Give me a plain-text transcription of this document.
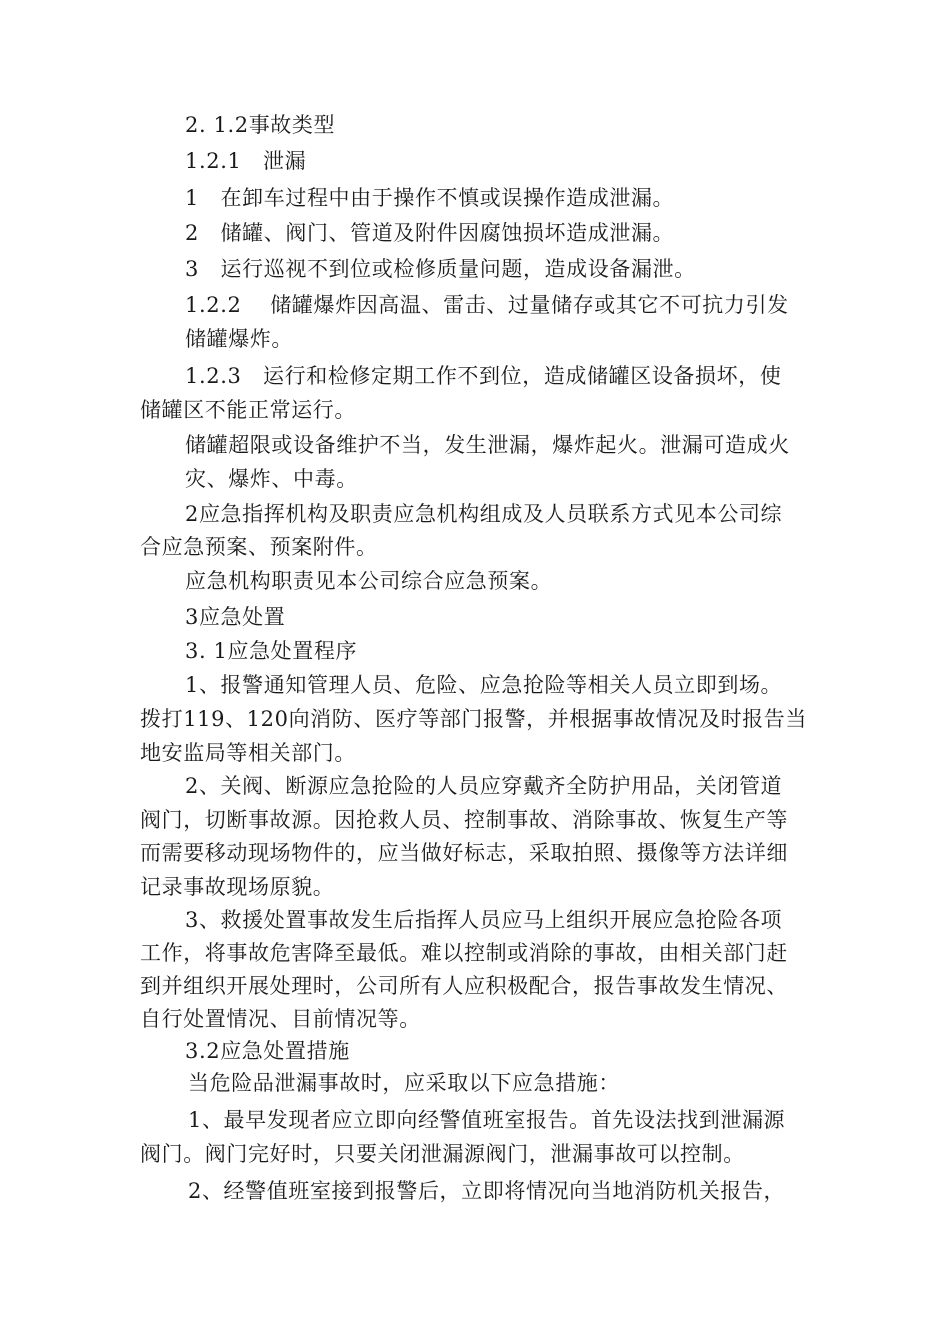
2. 1.2事故类型
1.2.1　泄漏
1　在卸车过程中由于操作不慎或误操作造成泄漏。
2　储罐、阀门、管道及附件因腐蚀损坏造成泄漏。
3　运行巡视不到位或检修质量问题，造成设备漏泄。
1.2.2　 储罐爆炸因高温、雷击、过量储存或其它不可抗力引发
储罐爆炸。
1.2.3　运行和检修定期工作不到位，造成储罐区设备损坏，使
储罐区不能正常运行。
储罐超限或设备维护不当，发生泄漏，爆炸起火。泄漏可造成火
灾、爆炸、中毒。
2应急指挥机构及职责应急机构组成及人员联系方式见本公司综
合应急预案、预案附件。
应急机构职责见本公司综合应急预案。
3应急处置
3. 1应急处置程序
1、报警通知管理人员、危险、应急抢险等相关人员立即到场。
拨打119、120向消防、医疗等部门报警，并根据事故情况及时报告当
地安监局等相关部门。
2、关阀、断源应急抢险的人员应穿戴齐全防护用品，关闭管道
阀门，切断事故源。因抢救人员、控制事故、消除事故、恢复生产等
而需要移动现场物件的，应当做好标志，采取拍照、摄像等方法详细
记录事故现场原貌。
3、救援处置事故发生后指挥人员应马上组织开展应急抢险各项
工作，将事故危害降至最低。难以控制或消除的事故，由相关部门赶
到并组织开展处理时，公司所有人应积极配合，报告事故发生情况、
自行处置情况、目前情况等。
3.2应急处置措施
当危险品泄漏事故时，应采取以下应急措施：
1、最早发现者应立即向经警值班室报告。首先设法找到泄漏源
阀门。阀门完好时，只要关闭泄漏源阀门，泄漏事故可以控制。
2、经警值班室接到报警后，立即将情况向当地消防机关报告，
